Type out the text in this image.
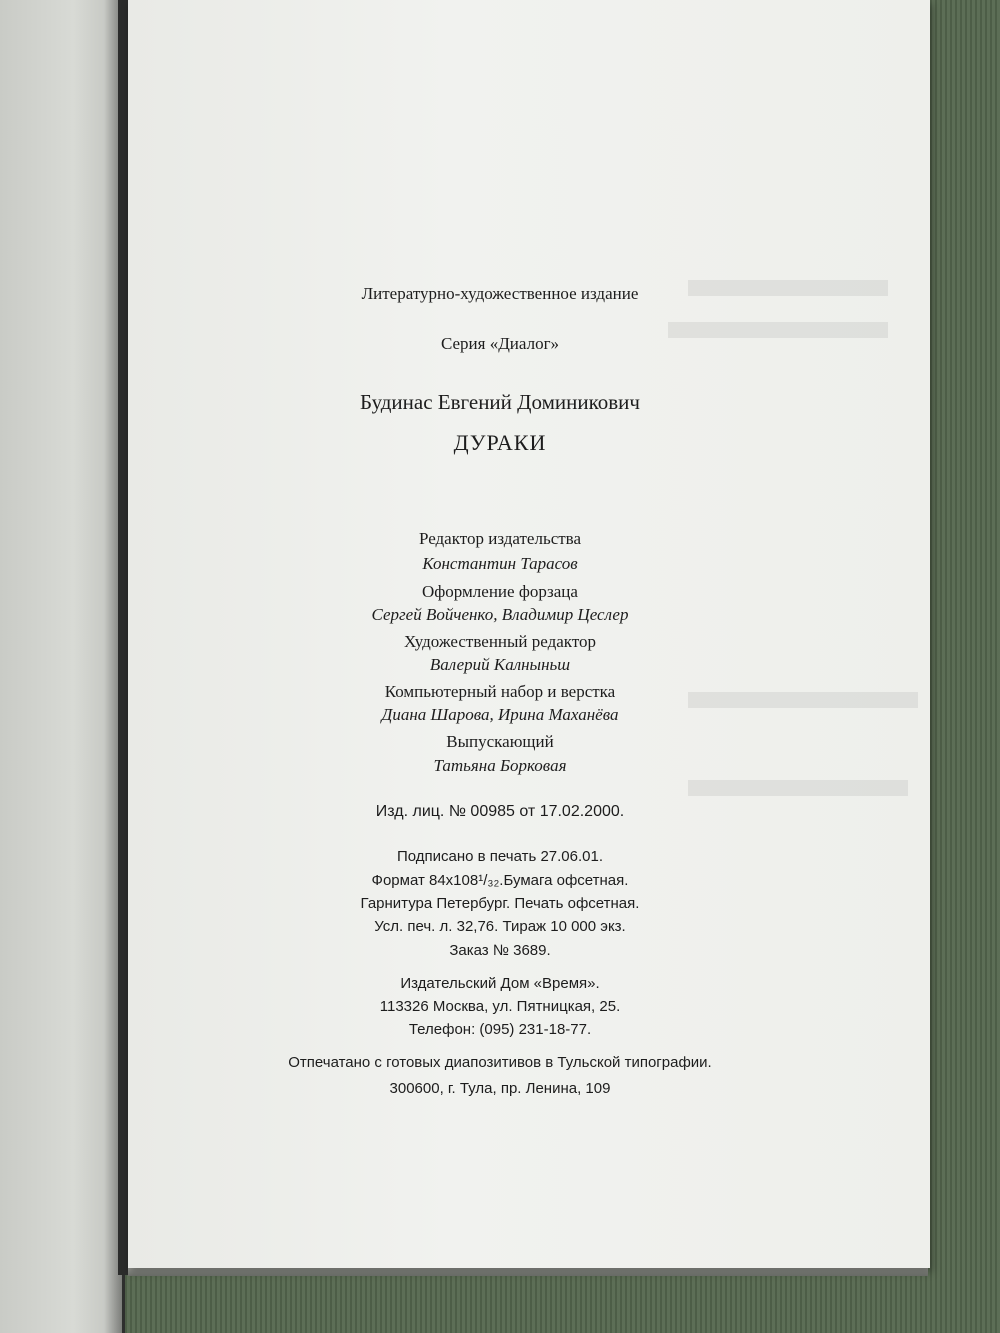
Литературно-художественное издание
Серия «Диалог»
Будинас Евгений Доминикович
ДУРАКИ
Редактор издательства
Константин Тарасов
Оформление форзаца
Сергей Войченко, Владимир Цеслер
Художественный редактор
Валерий Калныньш
Компьютерный набор и верстка
Диана Шарова, Ирина Маханёва
Выпускающий
Татьяна Борковая
Изд. лиц. № 00985 от 17.02.2000.
Подписано в печать 27.06.01.
Формат 84х108¹/₃₂.Бумага офсетная.
Гарнитура Петербург. Печать офсетная.
Усл. печ. л. 32,76. Тираж 10 000 экз.
Заказ № 3689.
Издательский Дом «Время».
113326 Москва, ул. Пятницкая, 25.
Телефон: (095) 231-18-77.
Отпечатано с готовых диапозитивов в Тульской типографии.
300600, г. Тула, пр. Ленина, 109
